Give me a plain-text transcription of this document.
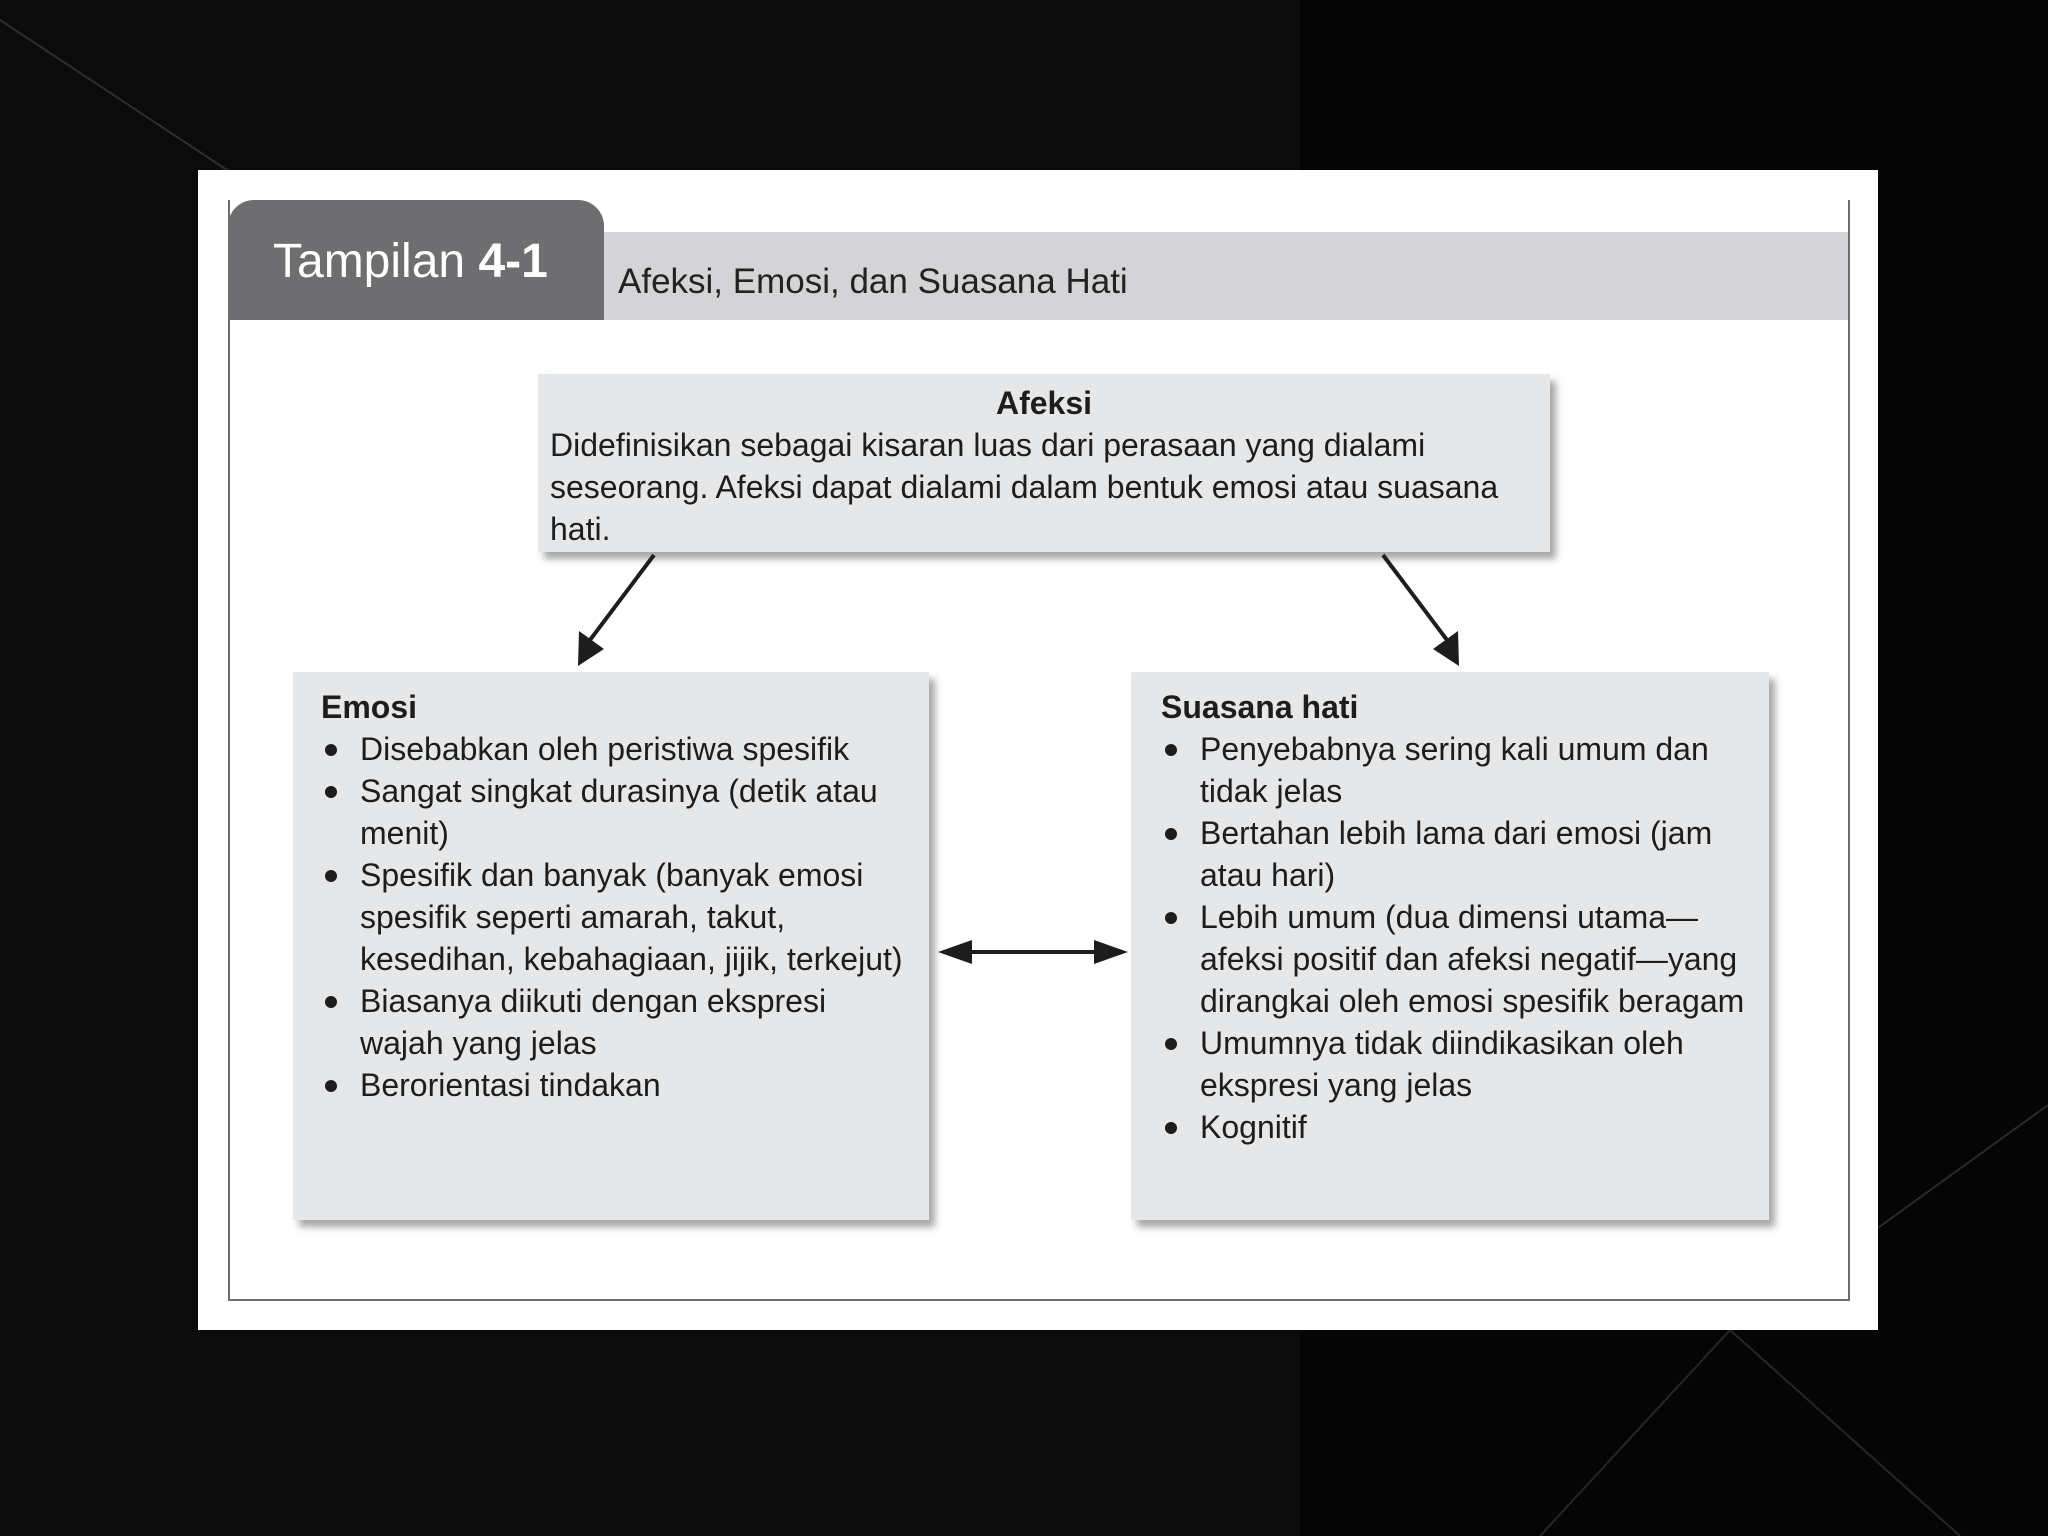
Tampilan 4-1	Afeksi, Emosi, dan Suasana Hati
Afeksi
Didefinisikan sebagai kisaran luas dari perasaan yang dialami seseorang. Afeksi dapat dialami dalam bentuk emosi atau suasana hati.
Emosi
Disebabkan oleh peristiwa spesifik
Sangat singkat durasinya (detik atau menit)
Spesifik dan banyak (banyak emosi spesifik seperti amarah, takut, kesedihan, kebahagiaan, jijik, terkejut)
Biasanya diikuti dengan ekspresi wajah yang jelas
Berorientasi tindakan
Suasana hati
Penyebabnya sering kali umum dan tidak jelas
Bertahan lebih lama dari emosi (jam atau hari)
Lebih umum (dua dimensi utama—afeksi positif dan afeksi negatif—yang dirangkai oleh emosi spesifik beragam
Umumnya tidak diindikasikan oleh ekspresi yang jelas
Kognitif
